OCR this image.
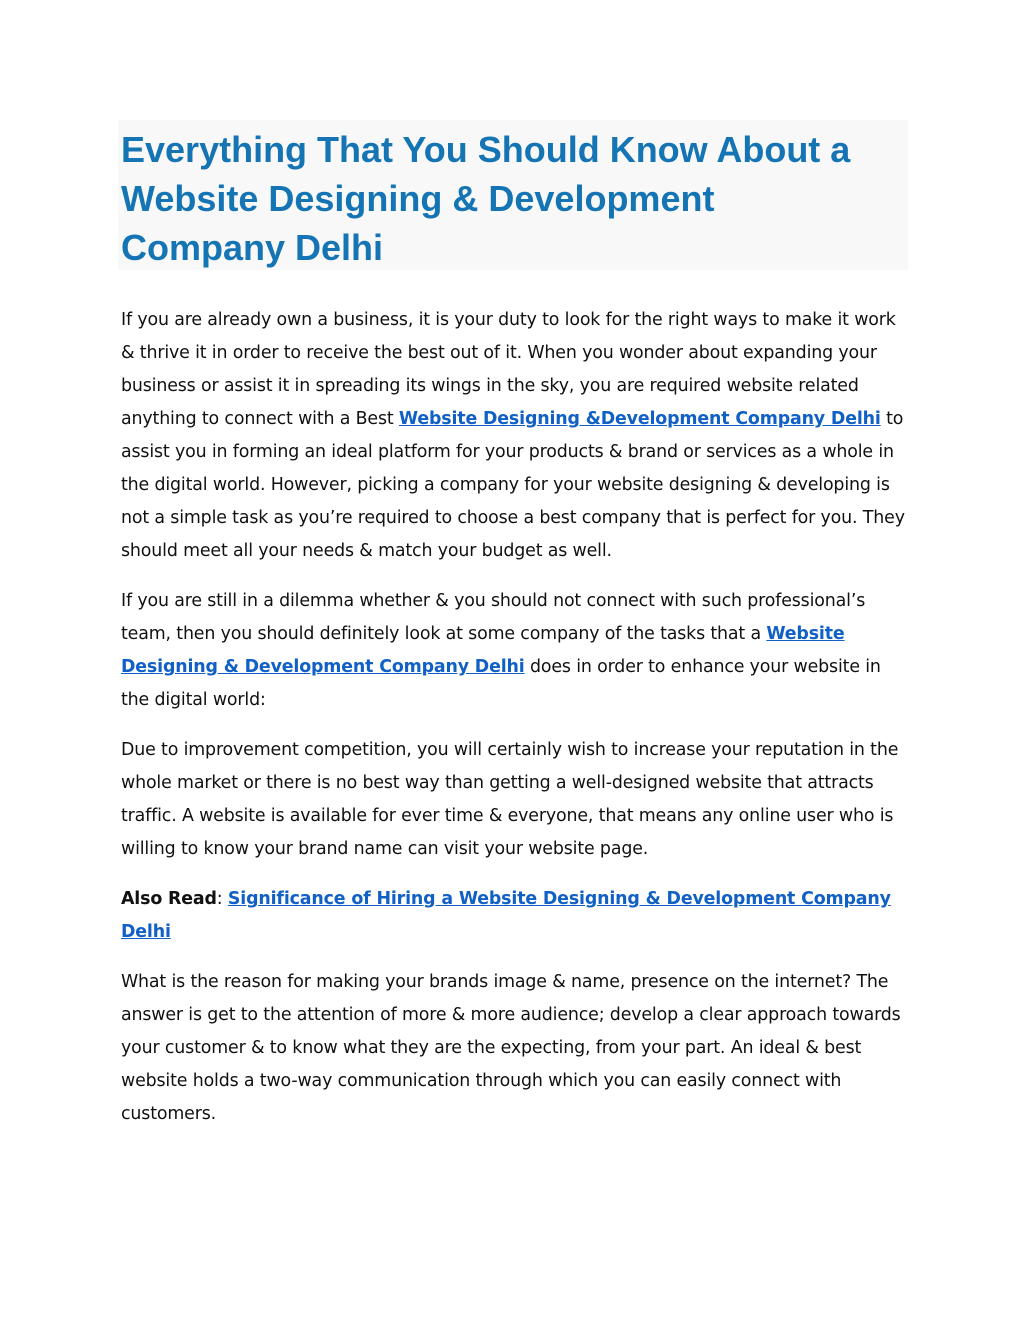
Everything That You Should Know About a
Website Designing & Development
Company Delhi

If you are already own a business, it is your duty to look for the right ways to make it work & thrive it in order to receive the best out of it. When you wonder about expanding your business or assist it in spreading its wings in the sky, you are required website related anything to connect with a Best Website Designing &Development Company Delhi to assist you in forming an ideal platform for your products & brand or services as a whole in the digital world. However, picking a company for your website designing & developing is not a simple task as you’re required to choose a best company that is perfect for you. They should meet all your needs & match your budget as well.

If you are still in a dilemma whether & you should not connect with such professional’s team, then you should definitely look at some company of the tasks that a Website Designing & Development Company Delhi does in order to enhance your website in the digital world:

Due to improvement competition, you will certainly wish to increase your reputation in the whole market or there is no best way than getting a well-designed website that attracts traffic. A website is available for ever time & everyone, that means any online user who is willing to know your brand name can visit your website page.

Also Read: Significance of Hiring a Website Designing & Development Company Delhi

What is the reason for making your brands image & name, presence on the internet? The answer is get to the attention of more & more audience; develop a clear approach towards your customer & to know what they are the expecting, from your part. An ideal & best website holds a two-way communication through which you can easily connect with customers.
